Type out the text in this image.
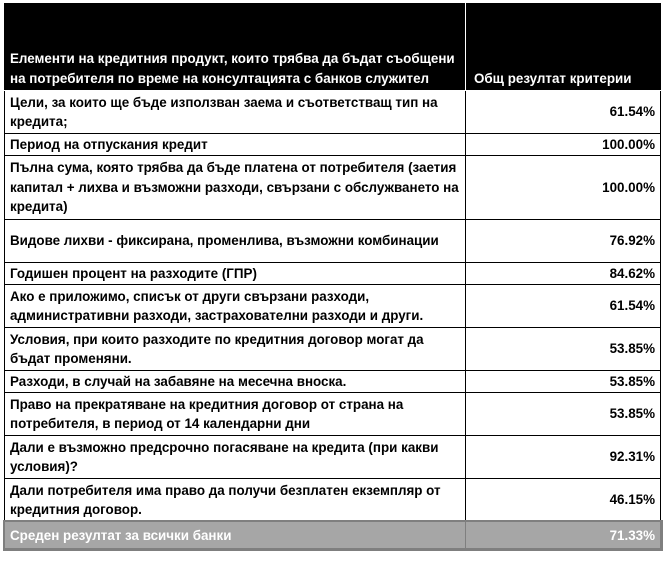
Елементи на кредитния продукт, които трябва да бъдат съобщени на потребителя по време на консултацията с банков служител	Общ резултат критерии
Цели, за които ще бъде използван заема и съответстващ тип на кредита;	61.54%
Период на отпускания кредит	100.00%
Пълна сума, която трябва да бъде платена от потребителя (заетия капитал + лихва и възможни разходи, свързани с обслужването на кредита)	100.00%
Видове лихви - фиксирана, променлива, възможни комбинации	76.92%
Годишен процент на разходите (ГПР)	84.62%
Ако е приложимо, списък от други свързани разходи, административни разходи, застрахователни разходи и други.	61.54%
Условия, при които разходите по кредитния договор могат да бъдат променяни.	53.85%
Разходи, в случай на забавяне на месечна вноска.	53.85%
Право на прекратяване на кредитния договор от страна на потребителя, в период от 14 календарни дни	53.85%
Дали е възможно предсрочно погасяване на кредита (при какви условия)?	92.31%
Дали потребителя има право да получи безплатен екземпляр от кредитния договор.	46.15%
Среден резултат за всички банки	71.33%
